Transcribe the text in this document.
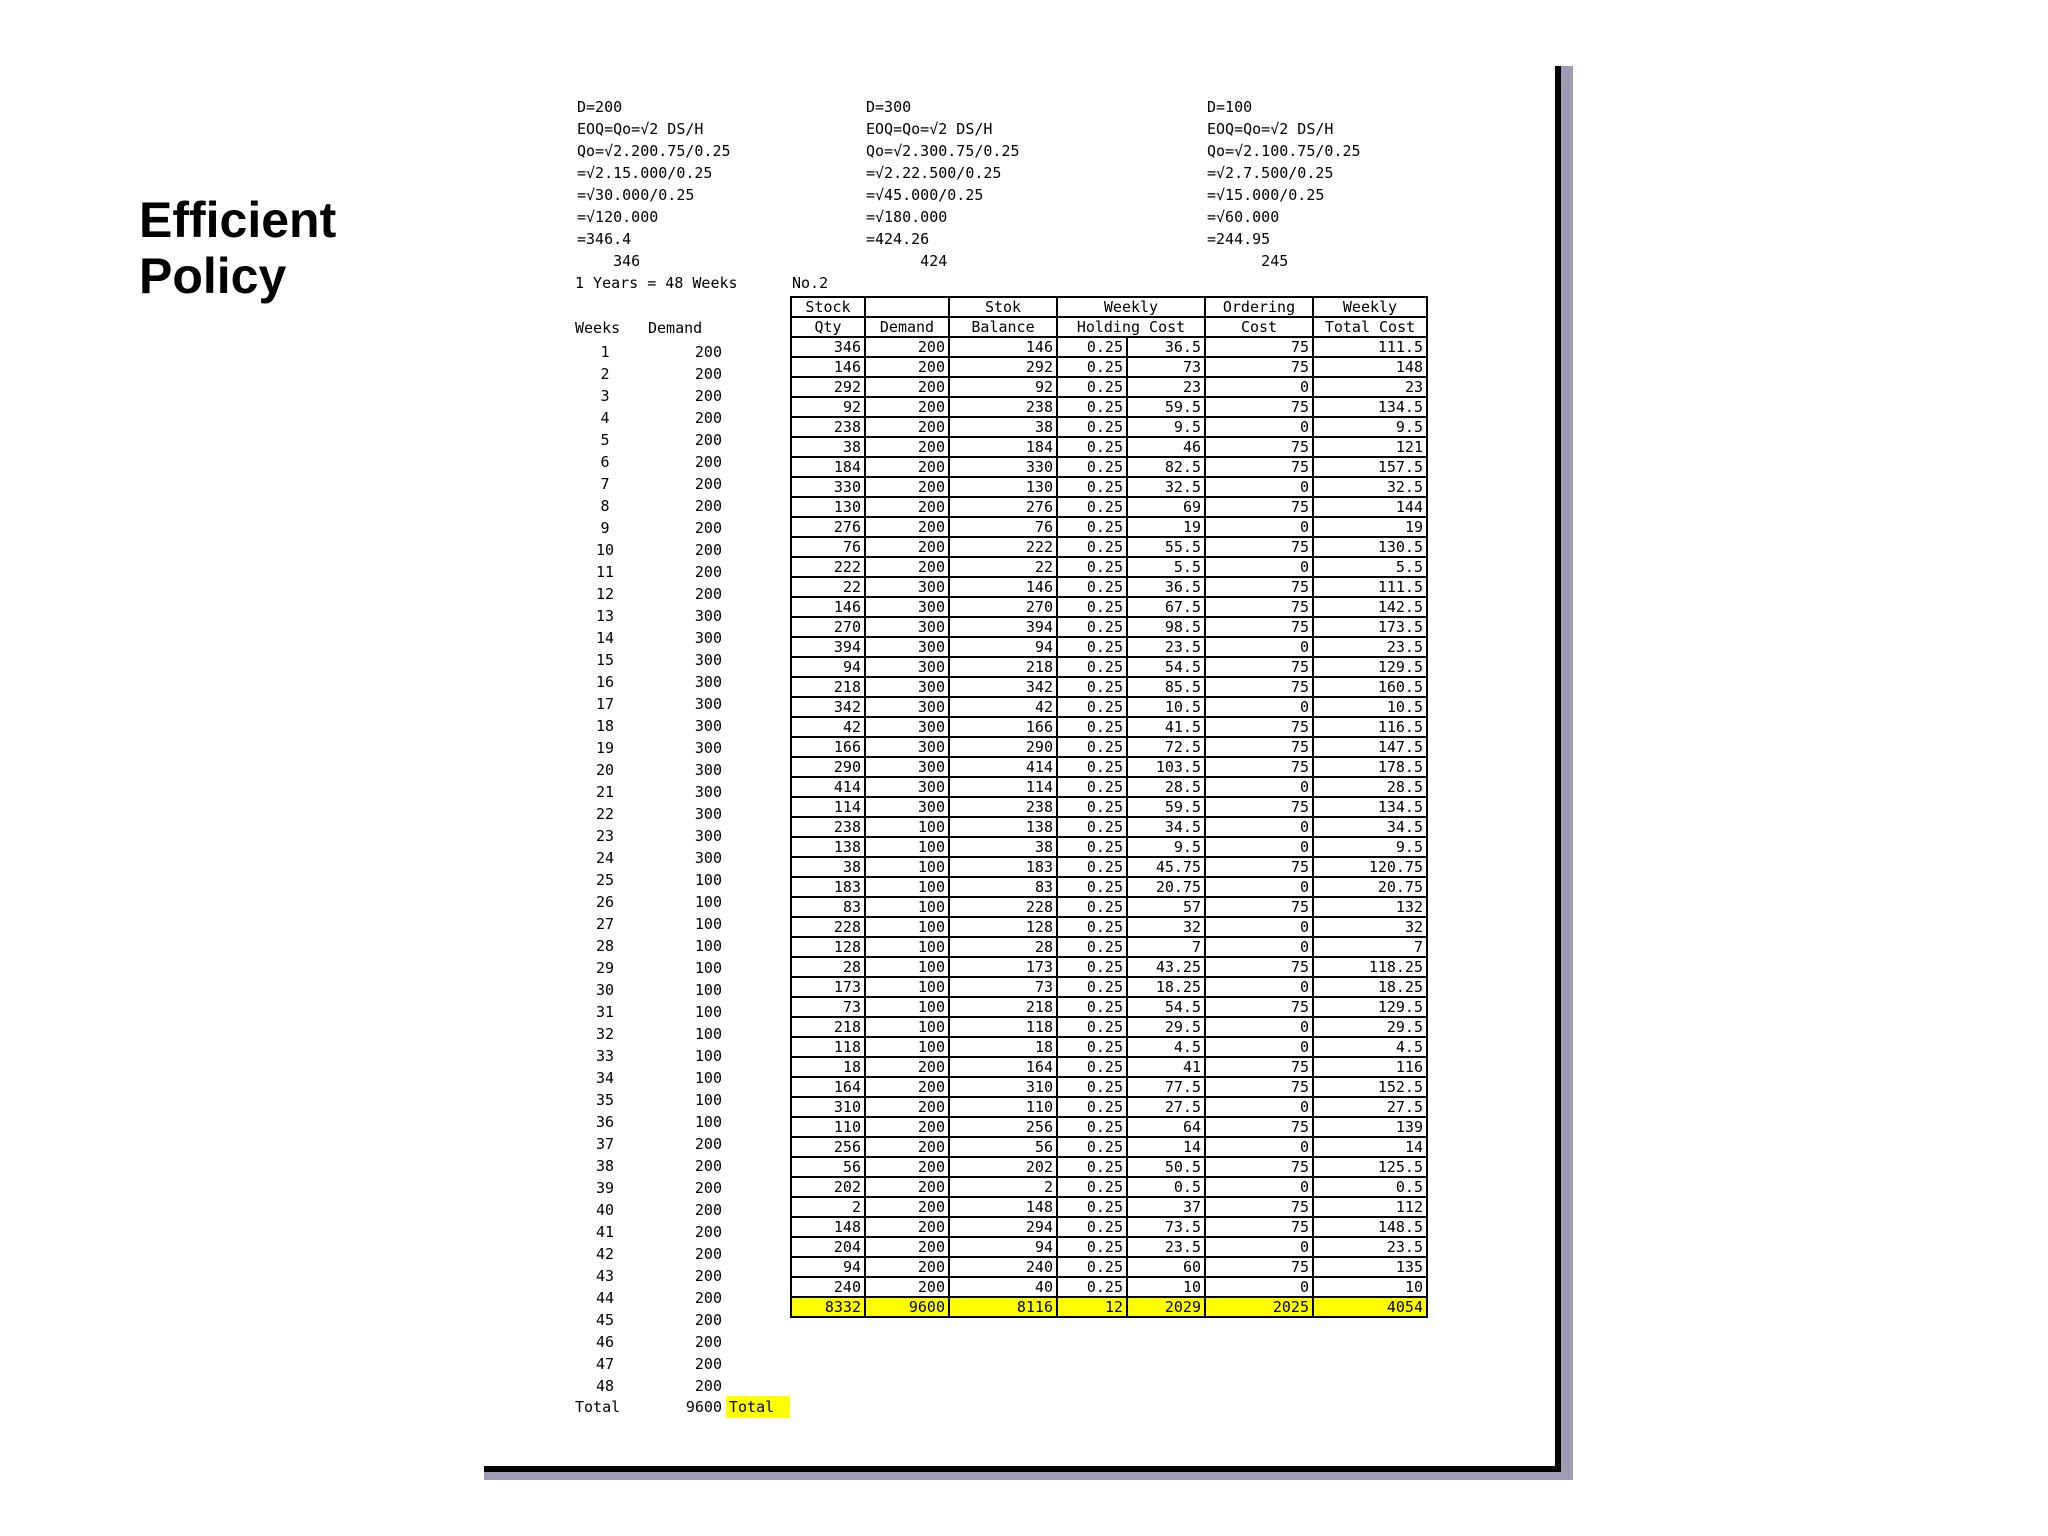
Efficient
Policy
D=200
EOQ=Qo=√2 DS/H
Qo=√2.200.75/0.25
=√2.15.000/0.25
=√30.000/0.25
=√120.000
=346.4
346
D=300
EOQ=Qo=√2 DS/H
Qo=√2.300.75/0.25
=√2.22.500/0.25
=√45.000/0.25
=√180.000
=424.26
424
D=100
EOQ=Qo=√2 DS/H
Qo=√2.100.75/0.25
=√2.7.500/0.25
=√15.000/0.25
=√60.000
=244.95
245
1 Years = 48 Weeks	No.2
Weeks Demand
1	200
2	200
3	200
4	200
5	200
6	200
7	200
8	200
9	200
10	200
11	200
12	200
13	300
14	300
15	300
16	300
17	300
18	300
19	300
20	300
21	300
22	300
23	300
24	300
25	100
26	100
27	100
28	100
29	100
30	100
31	100
32	100
33	100
34	100
35	100
36	100
37	200
38	200
39	200
40	200
41	200
42	200
43	200
44	200
45	200
46	200
47	200
48	200
Stock		Stok	Weekly		Ordering	Weekly
Qty	Demand	Balance	Holding Cost		Cost	Total Cost
346	200	146	0.25	36.5	75	111.5
146	200	292	0.25	73	75	148
292	200	92	0.25	23	0	23
92	200	238	0.25	59.5	75	134.5
238	200	38	0.25	9.5	0	9.5
38	200	184	0.25	46	75	121
184	200	330	0.25	82.5	75	157.5
330	200	130	0.25	32.5	0	32.5
130	200	276	0.25	69	75	144
276	200	76	0.25	19	0	19
76	200	222	0.25	55.5	75	130.5
222	200	22	0.25	5.5	0	5.5
22	300	146	0.25	36.5	75	111.5
146	300	270	0.25	67.5	75	142.5
270	300	394	0.25	98.5	75	173.5
394	300	94	0.25	23.5	0	23.5
94	300	218	0.25	54.5	75	129.5
218	300	342	0.25	85.5	75	160.5
342	300	42	0.25	10.5	0	10.5
42	300	166	0.25	41.5	75	116.5
166	300	290	0.25	72.5	75	147.5
290	300	414	0.25	103.5	75	178.5
414	300	114	0.25	28.5	0	28.5
114	300	238	0.25	59.5	75	134.5
238	100	138	0.25	34.5	0	34.5
138	100	38	0.25	9.5	0	9.5
38	100	183	0.25	45.75	75	120.75
183	100	83	0.25	20.75	0	20.75
83	100	228	0.25	57	75	132
228	100	128	0.25	32	0	32
128	100	28	0.25	7	0	7
28	100	173	0.25	43.25	75	118.25
173	100	73	0.25	18.25	0	18.25
73	100	218	0.25	54.5	75	129.5
218	100	118	0.25	29.5	0	29.5
118	100	18	0.25	4.5	0	4.5
18	200	164	0.25	41	75	116
164	200	310	0.25	77.5	75	152.5
310	200	110	0.25	27.5	0	27.5
110	200	256	0.25	64	75	139
256	200	56	0.25	14	0	14
56	200	202	0.25	50.5	75	125.5
202	200	2	0.25	0.5	0	0.5
2	200	148	0.25	37	75	112
148	200	294	0.25	73.5	75	148.5
204	200	94	0.25	23.5	0	23.5
94	200	240	0.25	60	75	135
240	200	40	0.25	10	0	10
8332	9600	8116	12	2029	2025	4054
Total	9600 Total
